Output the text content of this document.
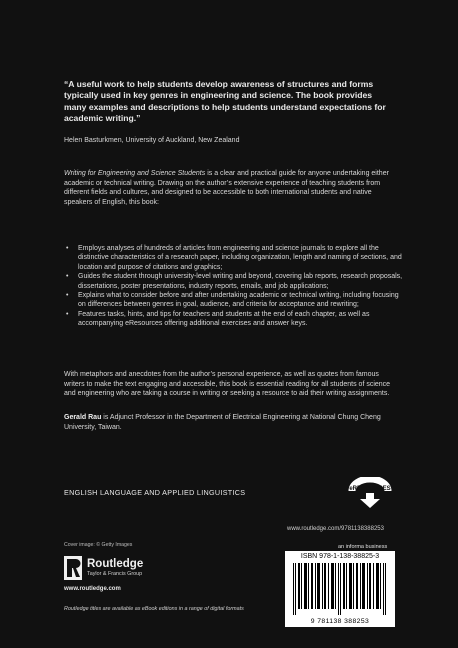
“A useful work to help students develop awareness of structures and forms typically used in key genres in engineering and science. The book provides many examples and descriptions to help students understand expectations for academic writing.”
Helen Basturkmen, University of Auckland, New Zealand
Writing for Engineering and Science Students is a clear and practical guide for anyone undertaking either academic or technical writing. Drawing on the author’s extensive experience of teaching students from different fields and cultures, and designed to be accessible to both international students and native speakers of English, this book:
• Employs analyses of hundreds of articles from engineering and science journals to explore all the distinctive characteristics of a research paper, including organization, length and naming of sections, and location and purpose of citations and graphics;
• Guides the student through university-level writing and beyond, covering lab reports, research proposals, dissertations, poster presentations, industry reports, emails, and job applications;
• Explains what to consider before and after undertaking academic or technical writing, including focusing on differences between genres in goal, audience, and criteria for acceptance and rewriting;
• Features tasks, hints, and tips for teachers and students at the end of each chapter, as well as accompanying eResources offering additional exercises and answer keys.
With metaphors and anecdotes from the author’s personal experience, as well as quotes from famous writers to make the text engaging and accessible, this book is essential reading for all students of science and engineering who are taking a course in writing or seeking a resource to aid their writing assignments.
Gerald Rau is Adjunct Professor in the Department of Electrical Engineering at National Chung Cheng University, Taiwan.
ENGLISH LANGUAGE AND APPLIED LINGUISTICS	eRESOURCES
www.routledge.com/9781138388253
Cover image: © Getty Images	an informa business
Routledge
Taylor & Francis Group
www.routledge.com
Routledge titles are available as eBook editions in a range of digital formats
ISBN 978-1-138-38825-3
9 781138 388253
